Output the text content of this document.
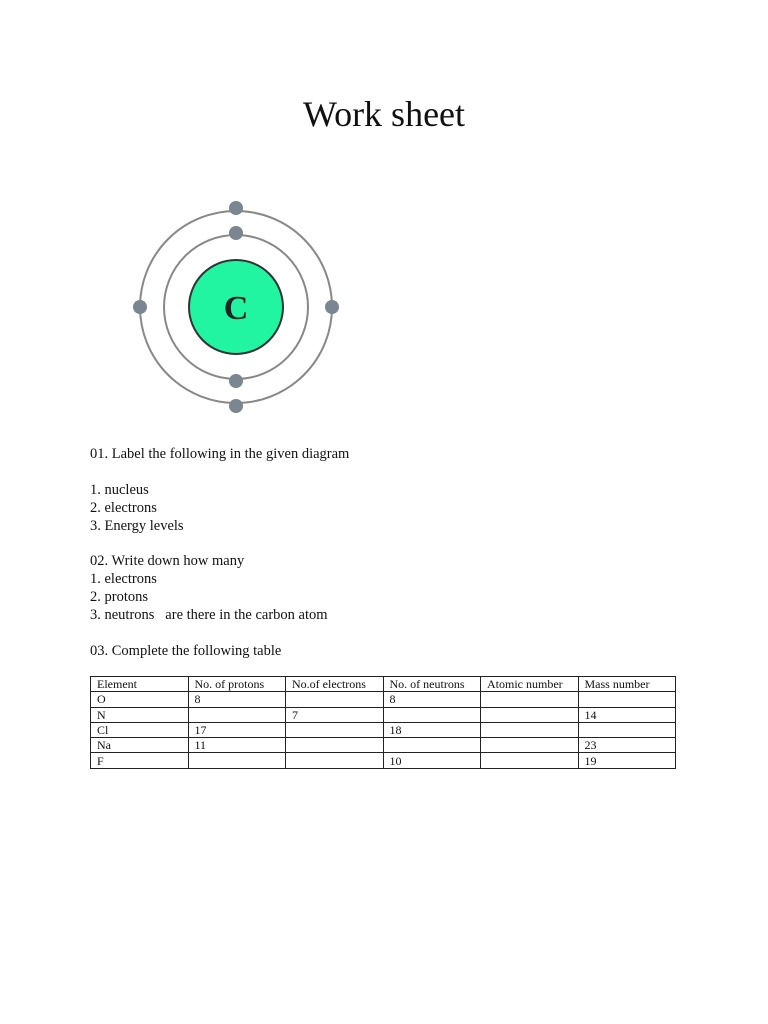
Work sheet
C
01. Label the following in the given diagram
1. nucleus
2. electrons
3. Energy levels
02. Write down how many
1. electrons
2. protons
3. neutrons   are there in the carbon atom
03. Complete the following table
Element	No. of protons	No.of electrons	No. of neutrons	Atomic number	Mass number
O	8		8		
N		7			14
Cl	17		18		
Na	11				23
F			10		19
